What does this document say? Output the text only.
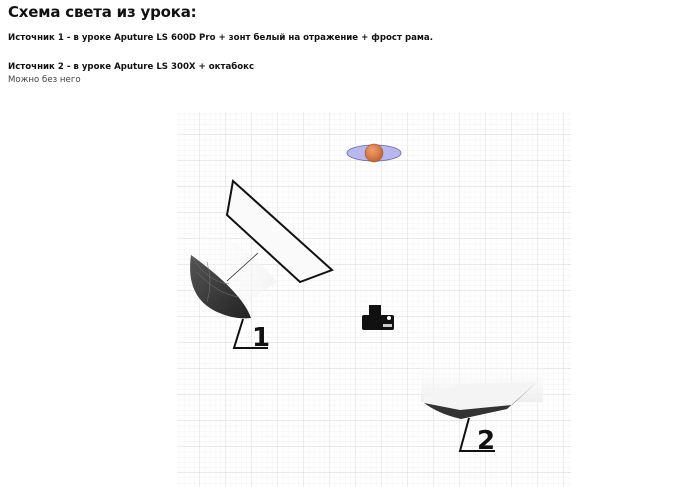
Схема света из урока:
Источник 1 - в уроке Aputure LS 600D Pro + зонт белый на отражение + фрост рама.
Источник 2 - в уроке Aputure LS 300X + октабокс
Можно без него
1
2
